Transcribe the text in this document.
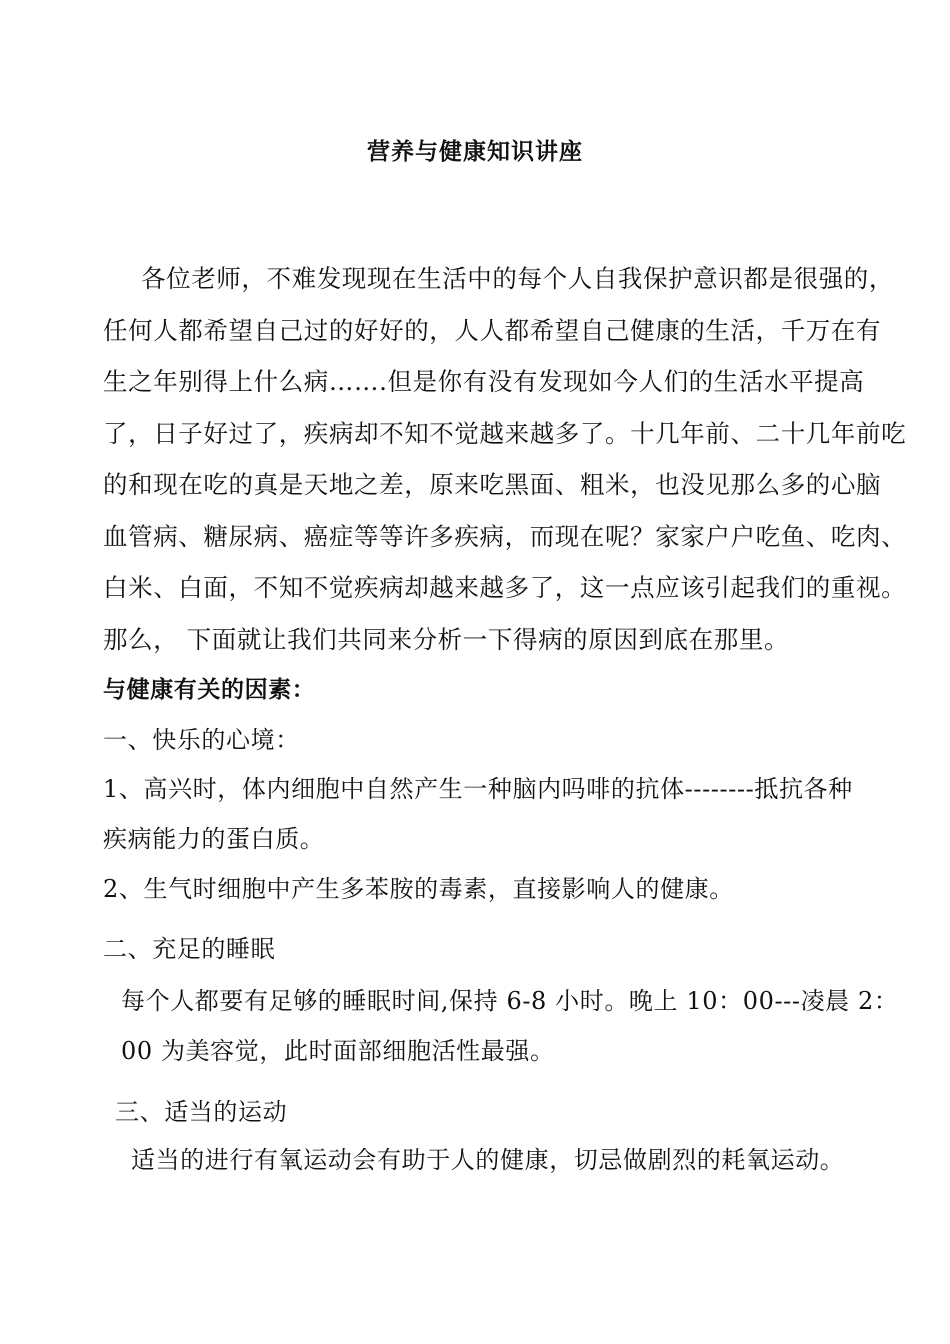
营养与健康知识讲座
各位老师，不难发现现在生活中的每个人自我保护意识都是很强的，
任何人都希望自己过的好好的，人人都希望自己健康的生活，千万在有
生之年别得上什么病…….但是你有没有发现如今人们的生活水平提高
了，日子好过了，疾病却不知不觉越来越多了。十几年前、二十几年前吃
的和现在吃的真是天地之差，原来吃黑面、粗米，也没见那么多的心脑
血管病、糖尿病、癌症等等许多疾病，而现在呢？家家户户吃鱼、吃肉、
白米、白面，不知不觉疾病却越来越多了，这一点应该引起我们的重视。
那么， 下面就让我们共同来分析一下得病的原因到底在那里。
与健康有关的因素：
一、快乐的心境：
1、高兴时，体内细胞中自然产生一种脑内吗啡的抗体--------抵抗各种
疾病能力的蛋白质。
2、生气时细胞中产生多苯胺的毒素，直接影响人的健康。
二、充足的睡眠
每个人都要有足够的睡眠时间,保持 6-8 小时。晚上 10：00---凌晨 2：
00 为美容觉，此时面部细胞活性最强。
三、适当的运动
适当的进行有氧运动会有助于人的健康，切忌做剧烈的耗氧运动。
